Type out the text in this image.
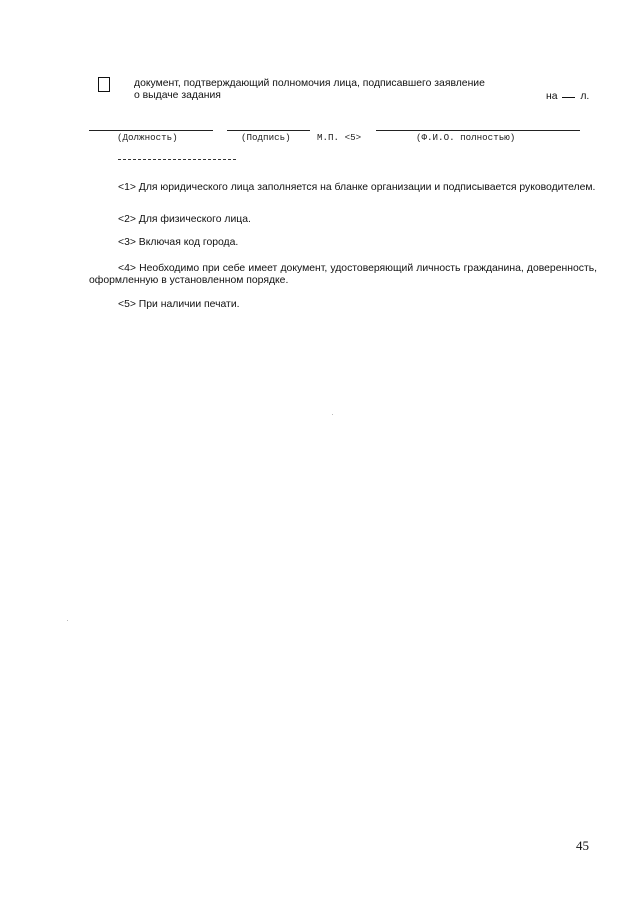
документ, подтверждающий полномочия лица, подписавшего заявление
о выдаче задания	на л.
(Должность)	(Подпись)	М.П. <5>	(Ф.И.О. полностью)
<1> Для юридического лица заполняется на бланке организации и подписывается руководителем.
<2> Для физического лица.
<3> Включая код города.
<4> Необходимо при себе имеет документ, удостоверяющий личность гражданина, доверенность, оформленную в установленном порядке.
<5> При наличии печати.
45
